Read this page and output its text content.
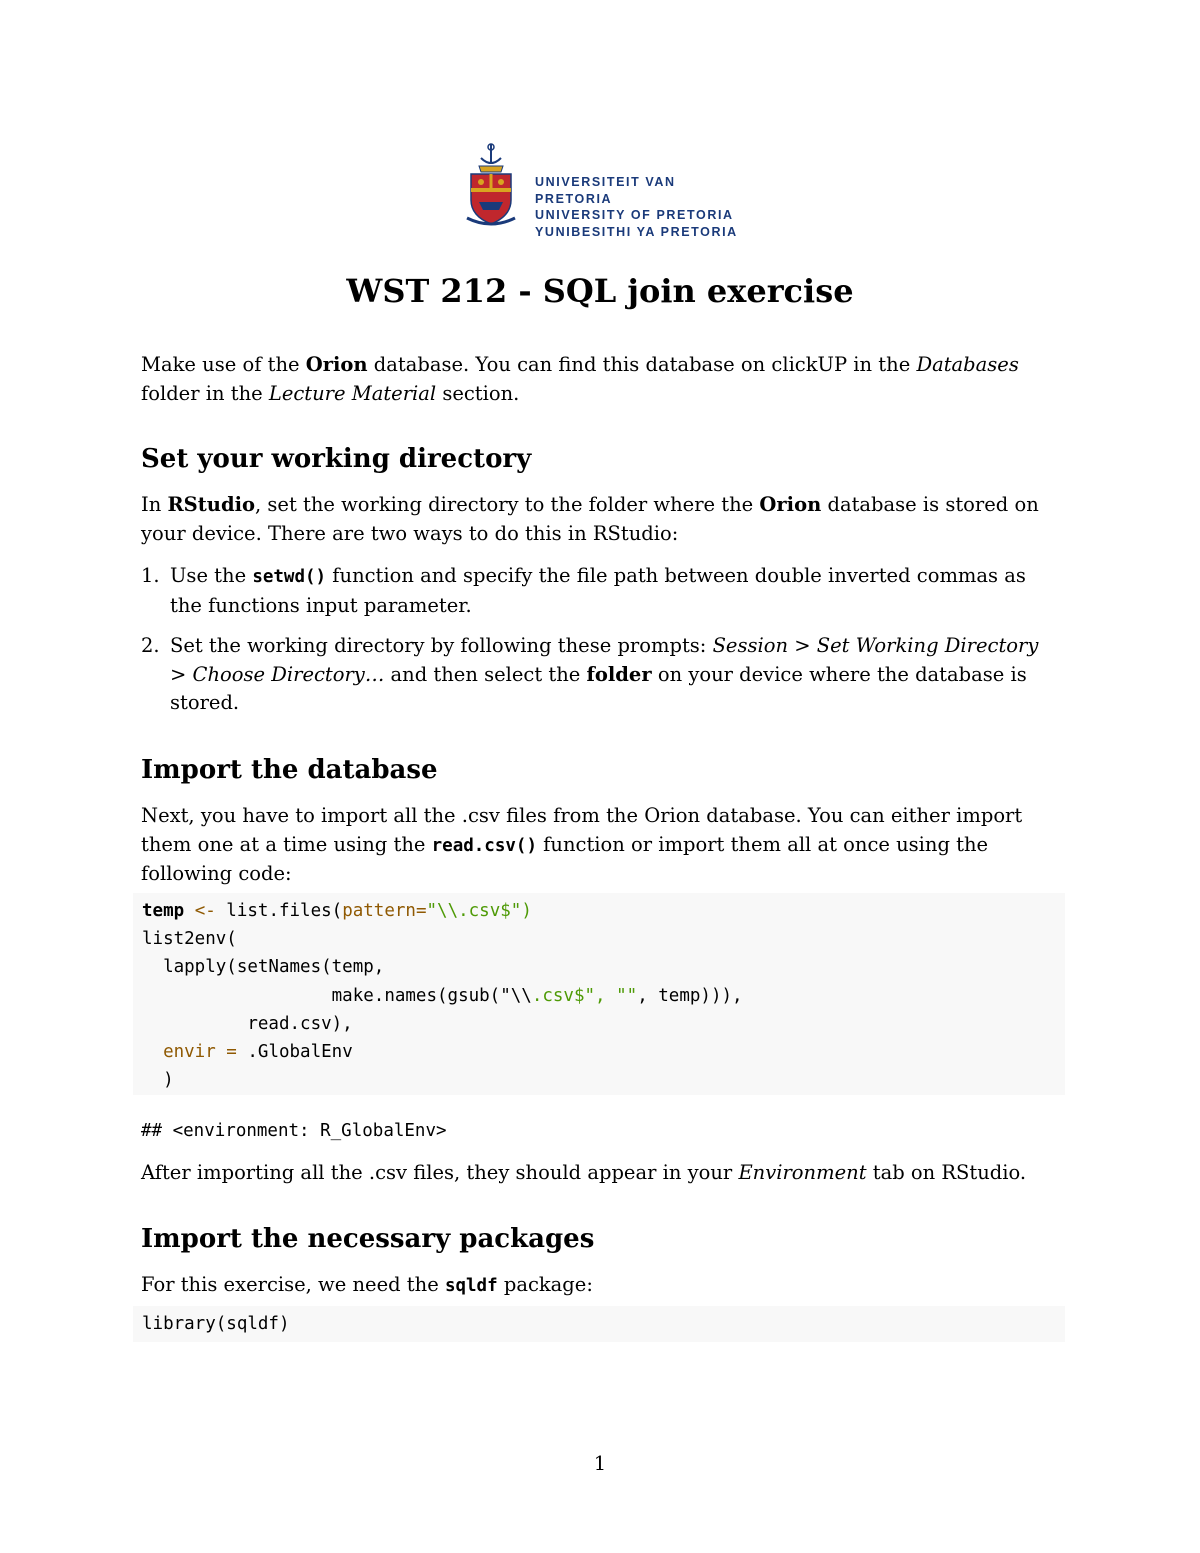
UNIVERSITEIT VAN PRETORIA
UNIVERSITY OF PRETORIA
YUNIBESITHI YA PRETORIA
WST 212 - SQL join exercise

Make use of the Orion database. You can find this database on clickUP in the Databases folder in the Lecture Material section.

Set your working directory

In RStudio, set the working directory to the folder where the Orion database is stored on your device. There are two ways to do this in RStudio:

1. Use the setwd() function and specify the file path between double inverted commas as the functions input parameter.
2. Set the working directory by following these prompts: Session > Set Working Directory > Choose Directory… and then select the folder on your device where the database is stored.
Import the database

Next, you have to import all the .csv files from the Orion database. You can either import them one at a time using the read.csv() function or import them all at once using the following code:

temp <- list.files(pattern="\\.csv$")
list2env(
lapply(setNames(temp,
make.names(gsub("\\.csv$", "", temp))),
read.csv),
envir = .GlobalEnv
)
## <environment: R_GlobalEnv>

After importing all the .csv files, they should appear in your Environment tab on RStudio.

Import the necessary packages

For this exercise, we need the sqldf package:

library(sqldf)
1
